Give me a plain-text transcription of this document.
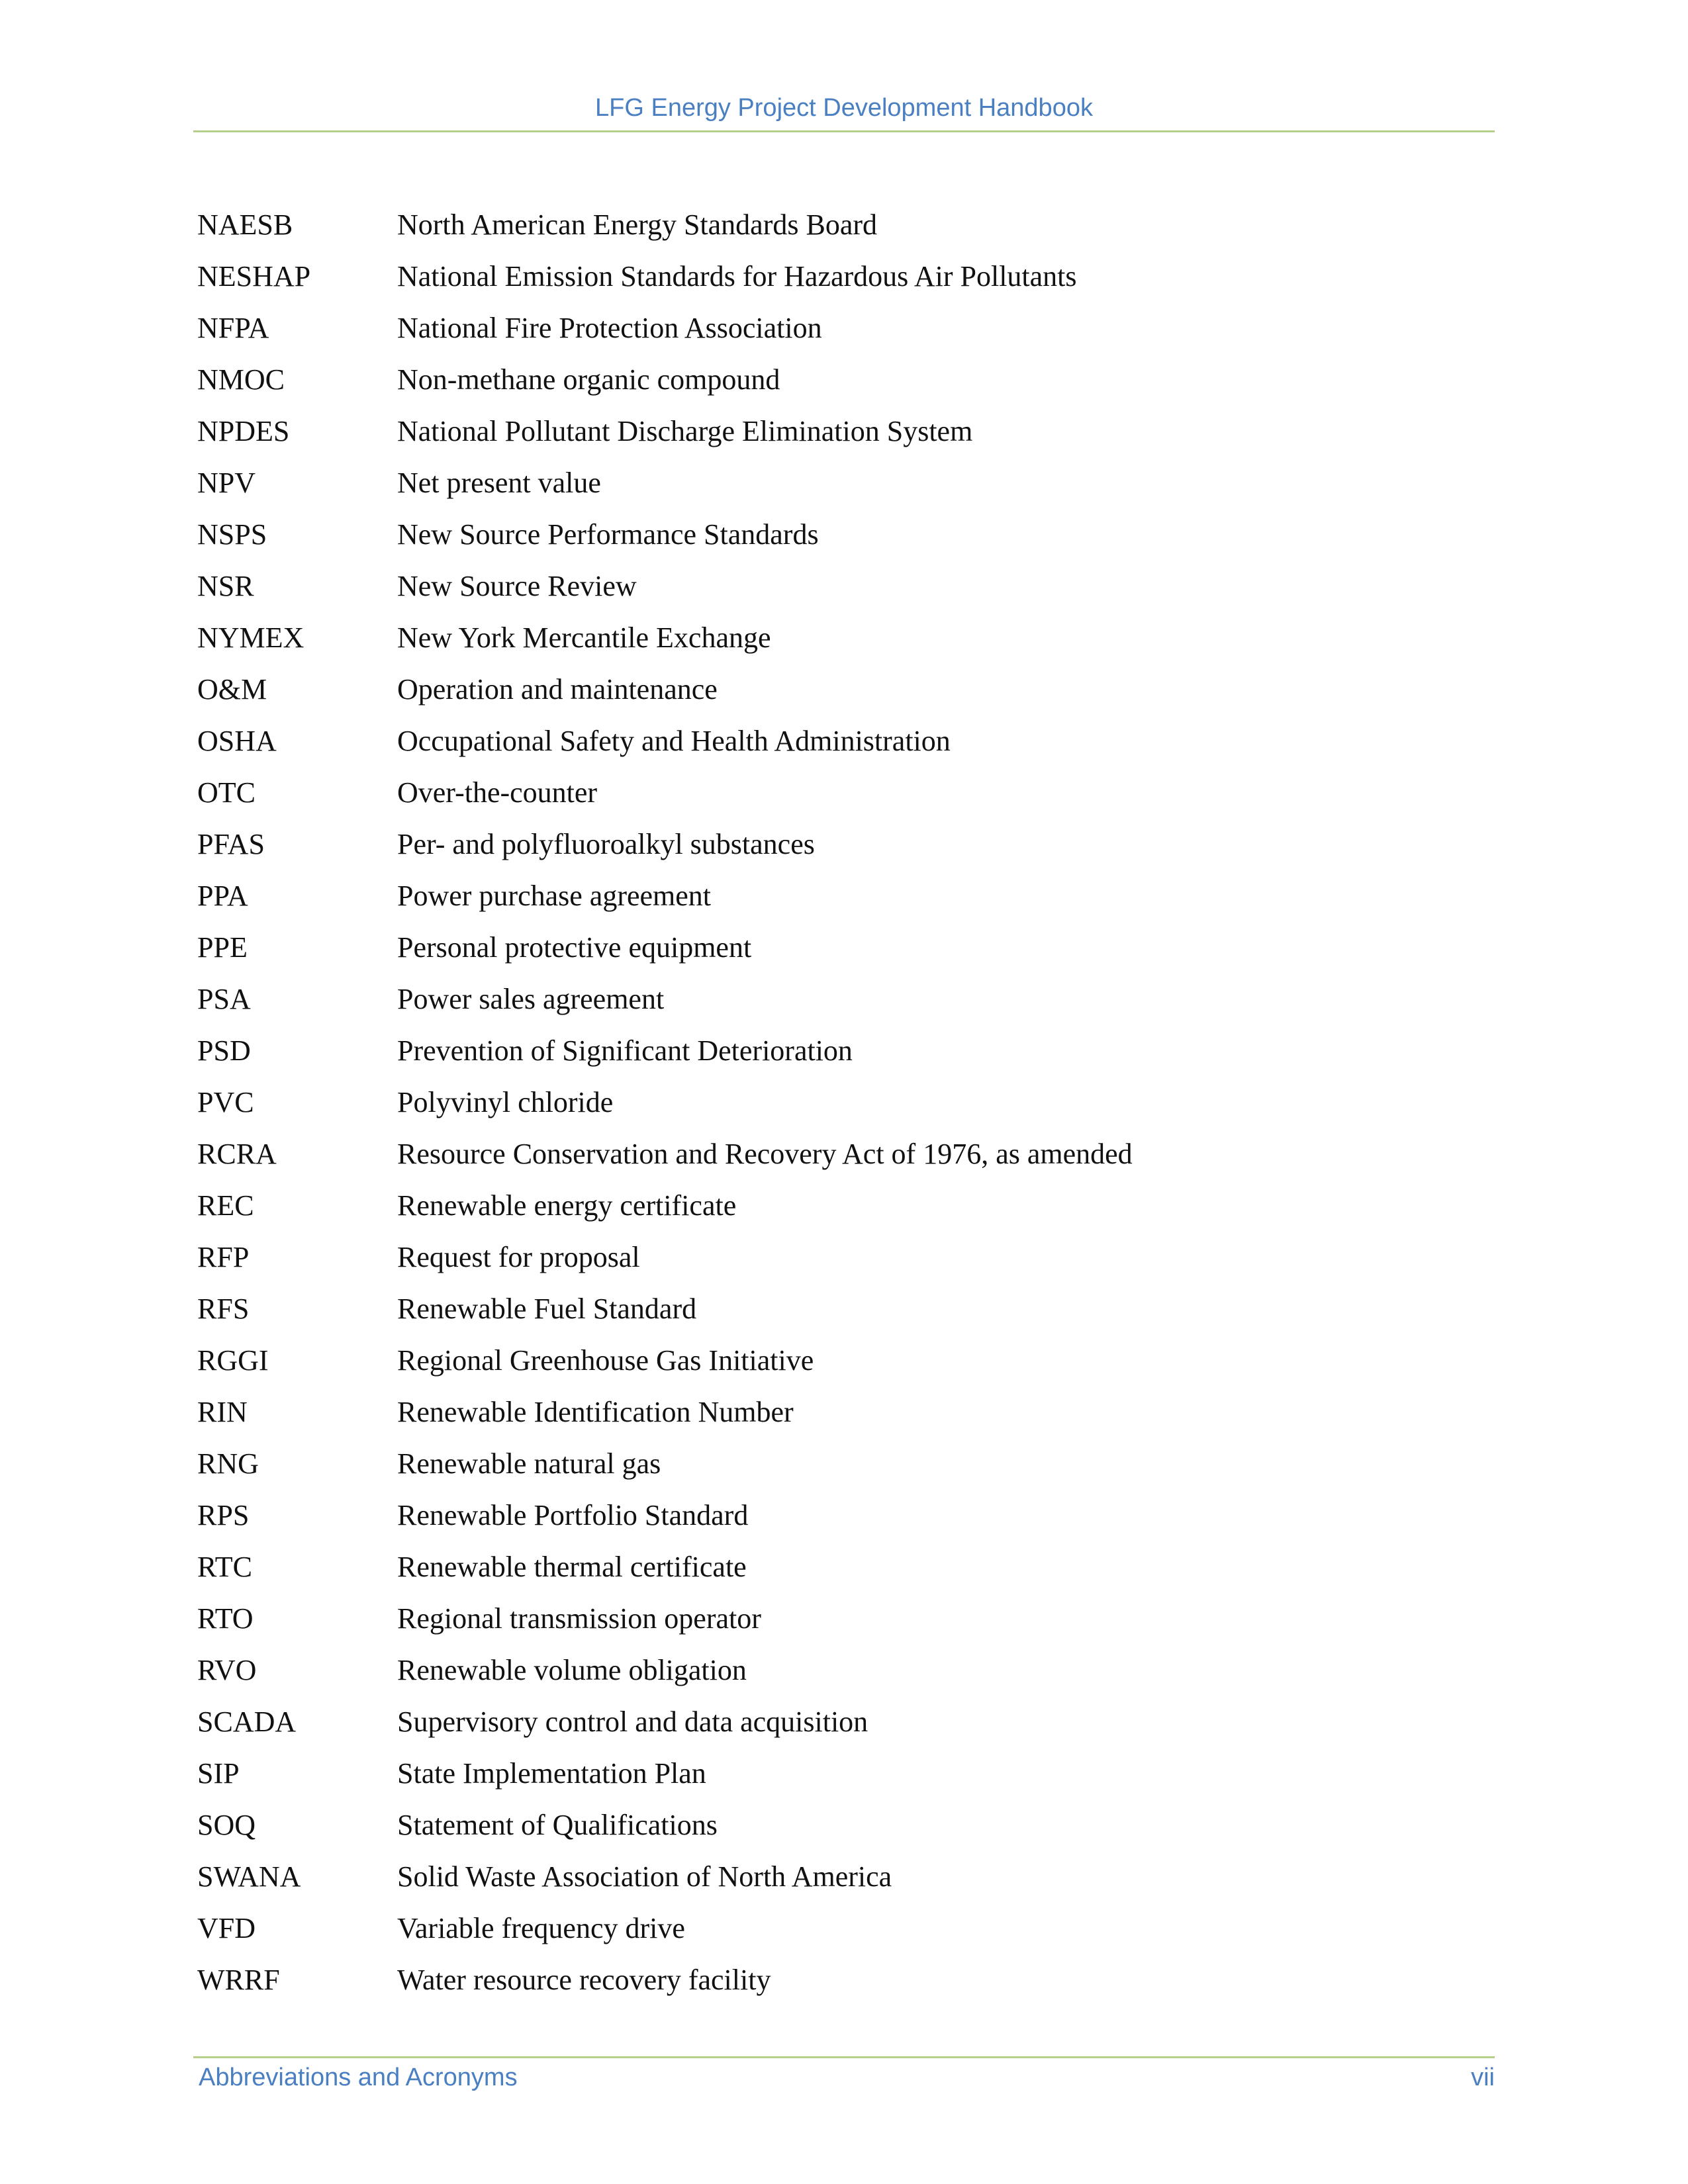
LFG Energy Project Development Handbook
NAESB	North American Energy Standards Board
NESHAP	National Emission Standards for Hazardous Air Pollutants
NFPA	National Fire Protection Association
NMOC	Non-methane organic compound
NPDES	National Pollutant Discharge Elimination System
NPV	Net present value
NSPS	New Source Performance Standards
NSR	New Source Review
NYMEX	New York Mercantile Exchange
O&M	Operation and maintenance
OSHA	Occupational Safety and Health Administration
OTC	Over-the-counter
PFAS	Per- and polyfluoroalkyl substances
PPA	Power purchase agreement
PPE	Personal protective equipment
PSA	Power sales agreement
PSD	Prevention of Significant Deterioration
PVC	Polyvinyl chloride
RCRA	Resource Conservation and Recovery Act of 1976, as amended
REC	Renewable energy certificate
RFP	Request for proposal
RFS	Renewable Fuel Standard
RGGI	Regional Greenhouse Gas Initiative
RIN	Renewable Identification Number
RNG	Renewable natural gas
RPS	Renewable Portfolio Standard
RTC	Renewable thermal certificate
RTO	Regional transmission operator
RVO	Renewable volume obligation
SCADA	Supervisory control and data acquisition
SIP	State Implementation Plan
SOQ	Statement of Qualifications
SWANA	Solid Waste Association of North America
VFD	Variable frequency drive
WRRF	Water resource recovery facility
Abbreviations and Acronyms	vii
